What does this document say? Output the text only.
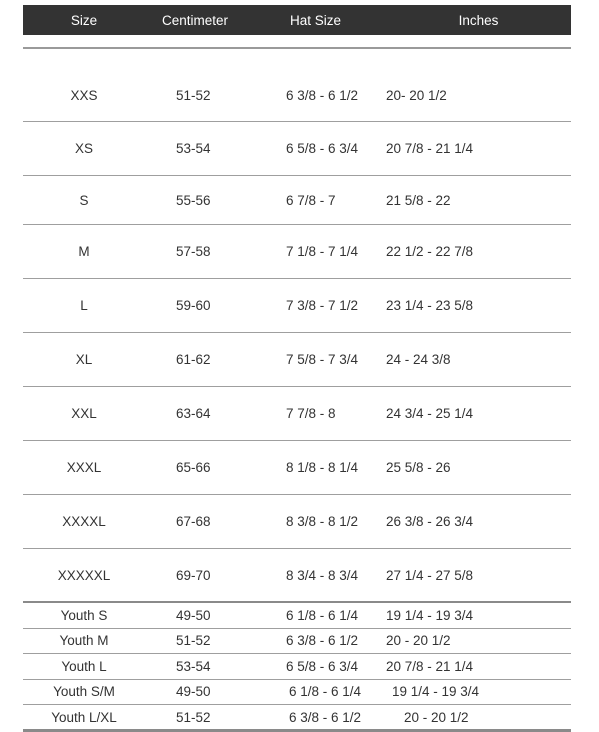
Size	Centimeter	Hat Size	Inches
XXS	51-52	6 3/8 - 6 1/2	20- 20 1/2
XS	53-54	6 5/8 - 6 3/4	20 7/8 - 21 1/4
S	55-56	6 7/8 - 7	21 5/8 - 22
M	57-58	7 1/8 - 7 1/4	22 1/2 - 22 7/8
L	59-60	7 3/8 - 7 1/2	23 1/4 - 23 5/8
XL	61-62	7 5/8 - 7 3/4	24 - 24 3/8
XXL	63-64	7 7/8 - 8	24 3/4 - 25 1/4
XXXL	65-66	8 1/8 - 8 1/4	25 5/8 - 26
XXXXL	67-68	8 3/8 - 8 1/2	26 3/8 - 26 3/4
XXXXXL	69-70	8 3/4 - 8 3/4	27 1/4 - 27 5/8
Youth S	49-50	6 1/8 - 6 1/4	19 1/4 - 19 3/4
Youth M	51-52	6 3/8 - 6 1/2	20 - 20 1/2
Youth L	53-54	6 5/8 - 6 3/4	20 7/8 - 21 1/4
Youth S/M	49-50	6 1/8 - 6 1/4	19 1/4 - 19 3/4
Youth L/XL	51-52	6 3/8 - 6 1/2	20 - 20 1/2
